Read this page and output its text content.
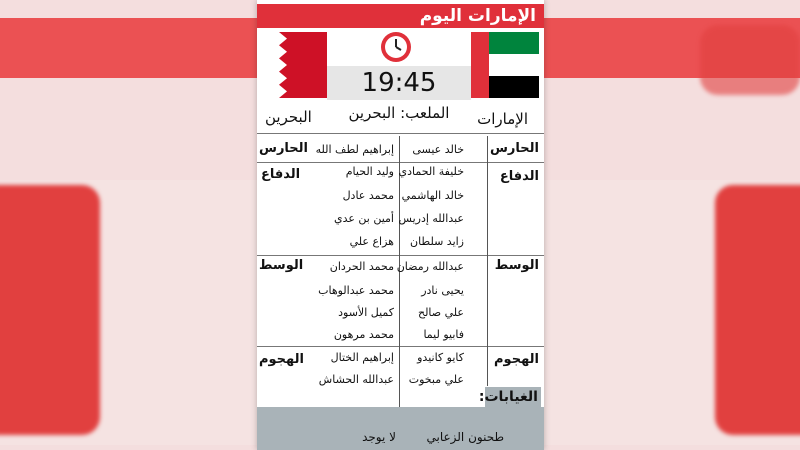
الإمارات اليوم
19:45
البحرين	الملعب: البحرين	الإمارات
الحارس
الدفاع
الوسط
الهجوم
الحارس
الدفاع
الوسط
الهجوم
خالد عيسى
خليفة الحمادي
خالد الهاشمي
عبدالله إدريس
زايد سلطان
عبدالله رمضان
يحيى نادر
علي صالح
فابيو ليما
كايو كانيدو
علي مبخوت
إبراهيم لطف الله
وليد الحيام
محمد عادل
أمين بن عدي
هزاع علي
محمد الحردان
محمد عبدالوهاب
كميل الأسود
محمد مرهون
إبراهيم الختال
عبدالله الحشاش
الغيابات:
طحنون الزعابي
لا يوجد
